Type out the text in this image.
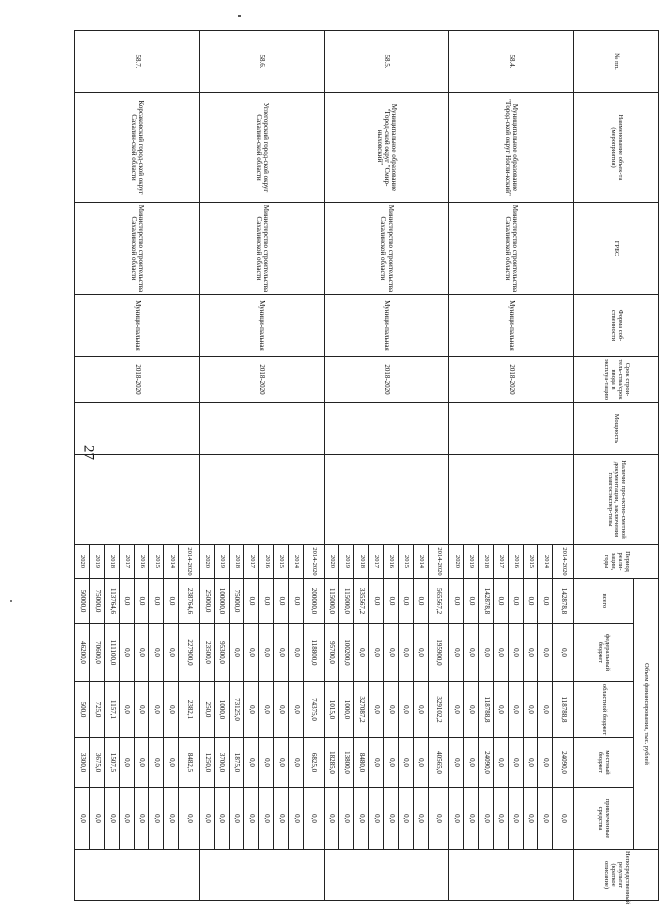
27
№ пп.	Наименование объек-та (мероприятия)	ГРБС	Форма соб-ственности	Срок строи-тель-ства/срок ввода в эксплуа-тацию	Мощность	Наличие про-ектно-сметной документации, заключения главгосэкспер-тизы	Период реали-зации, годы	Объем финансирования, тыс. рублей					Непосредственный результат (краткое описание)
								всего	федеральный бюджет	областной бюджет	местный бюджет	привлеченные средства	
58.4.	Муниципальное образование "Город-ской округ Ногли-кский"	Министерство строительства Сахалинской области	Муници-пальная	2018-2020			2014-2020	142878,8	0,0	118788,8	24090,0	0,0	
							2014	0,0	0,0	0,0	0,0	0,0	
							2015	0,0	0,0	0,0	0,0	0,0	
							2016	0,0	0,0	0,0	0,0	0,0	
							2017	0,0	0,0	0,0	0,0	0,0	
							2018	142878,8	0,0	118788,8	24090,0	0,0	
							2019	0,0	0,0	0,0	0,0	0,0	
							2020	0,0	0,0	0,0	0,0	0,0	
58.5.	Муниципальное образование "Город-ской округ "Смир-ныховский"	Министерство строительства Сахалинской области	Муници-пальная	2018-2020			2014-2020	565567,2	195900,0	329102,2	40565,0	0,0	
							2014	0,0	0,0	0,0	0,0	0,0	
							2015	0,0	0,0	0,0	0,0	0,0	
							2016	0,0	0,0	0,0	0,0	0,0	
							2017	0,0	0,0	0,0	0,0	0,0	
							2018	335567,2	0,0	327087,2	8480,0	0,0	
							2019	115000,0	100200,0	1000,0	13800,0	0,0	
							2020	115000,0	95700,0	1015,0	18285,0	0,0	
58.6.	Углегорский город-ской округ Сахалин-ской области	Министерство строительства Сахалинской области	Муници-пальная	2018-2020			2014-2020	200000,0	118800,0	74375,0	6825,0	0,0	
							2014	0,0	0,0	0,0	0,0	0,0	
							2015	0,0	0,0	0,0	0,0	0,0	
							2016	0,0	0,0	0,0	0,0	0,0	
							2017	0,0	0,0	0,0	0,0	0,0	
							2018	75000,0	0,0	73125,0	1875,0	0,0	
							2019	100000,0	95300,0	1000,0	3700,0	0,0	
							2020	25000,0	23500,0	250,0	1250,0	0,0	
58.7.	Корсаковский город-ской округ Сахалин-ской области	Министерство строительства Сахалинской области	Муници-пальная	2018-2020			2014-2020	238764,6	227900,0	2382,1	8482,5	0,0	
							2014	0,0	0,0	0,0	0,0	0,0	
							2015	0,0	0,0	0,0	0,0	0,0	
							2016	0,0	0,0	0,0	0,0	0,0	
							2017	0,0	0,0	0,0	0,0	0,0	
							2018	113764,6	111100,0	1157,1	1507,5	0,0	
							2019	75000,0	70600,0	725,0	3675,0	0,0	
							2020	50000,0	46200,0	500,0	3300,0	0,0	
